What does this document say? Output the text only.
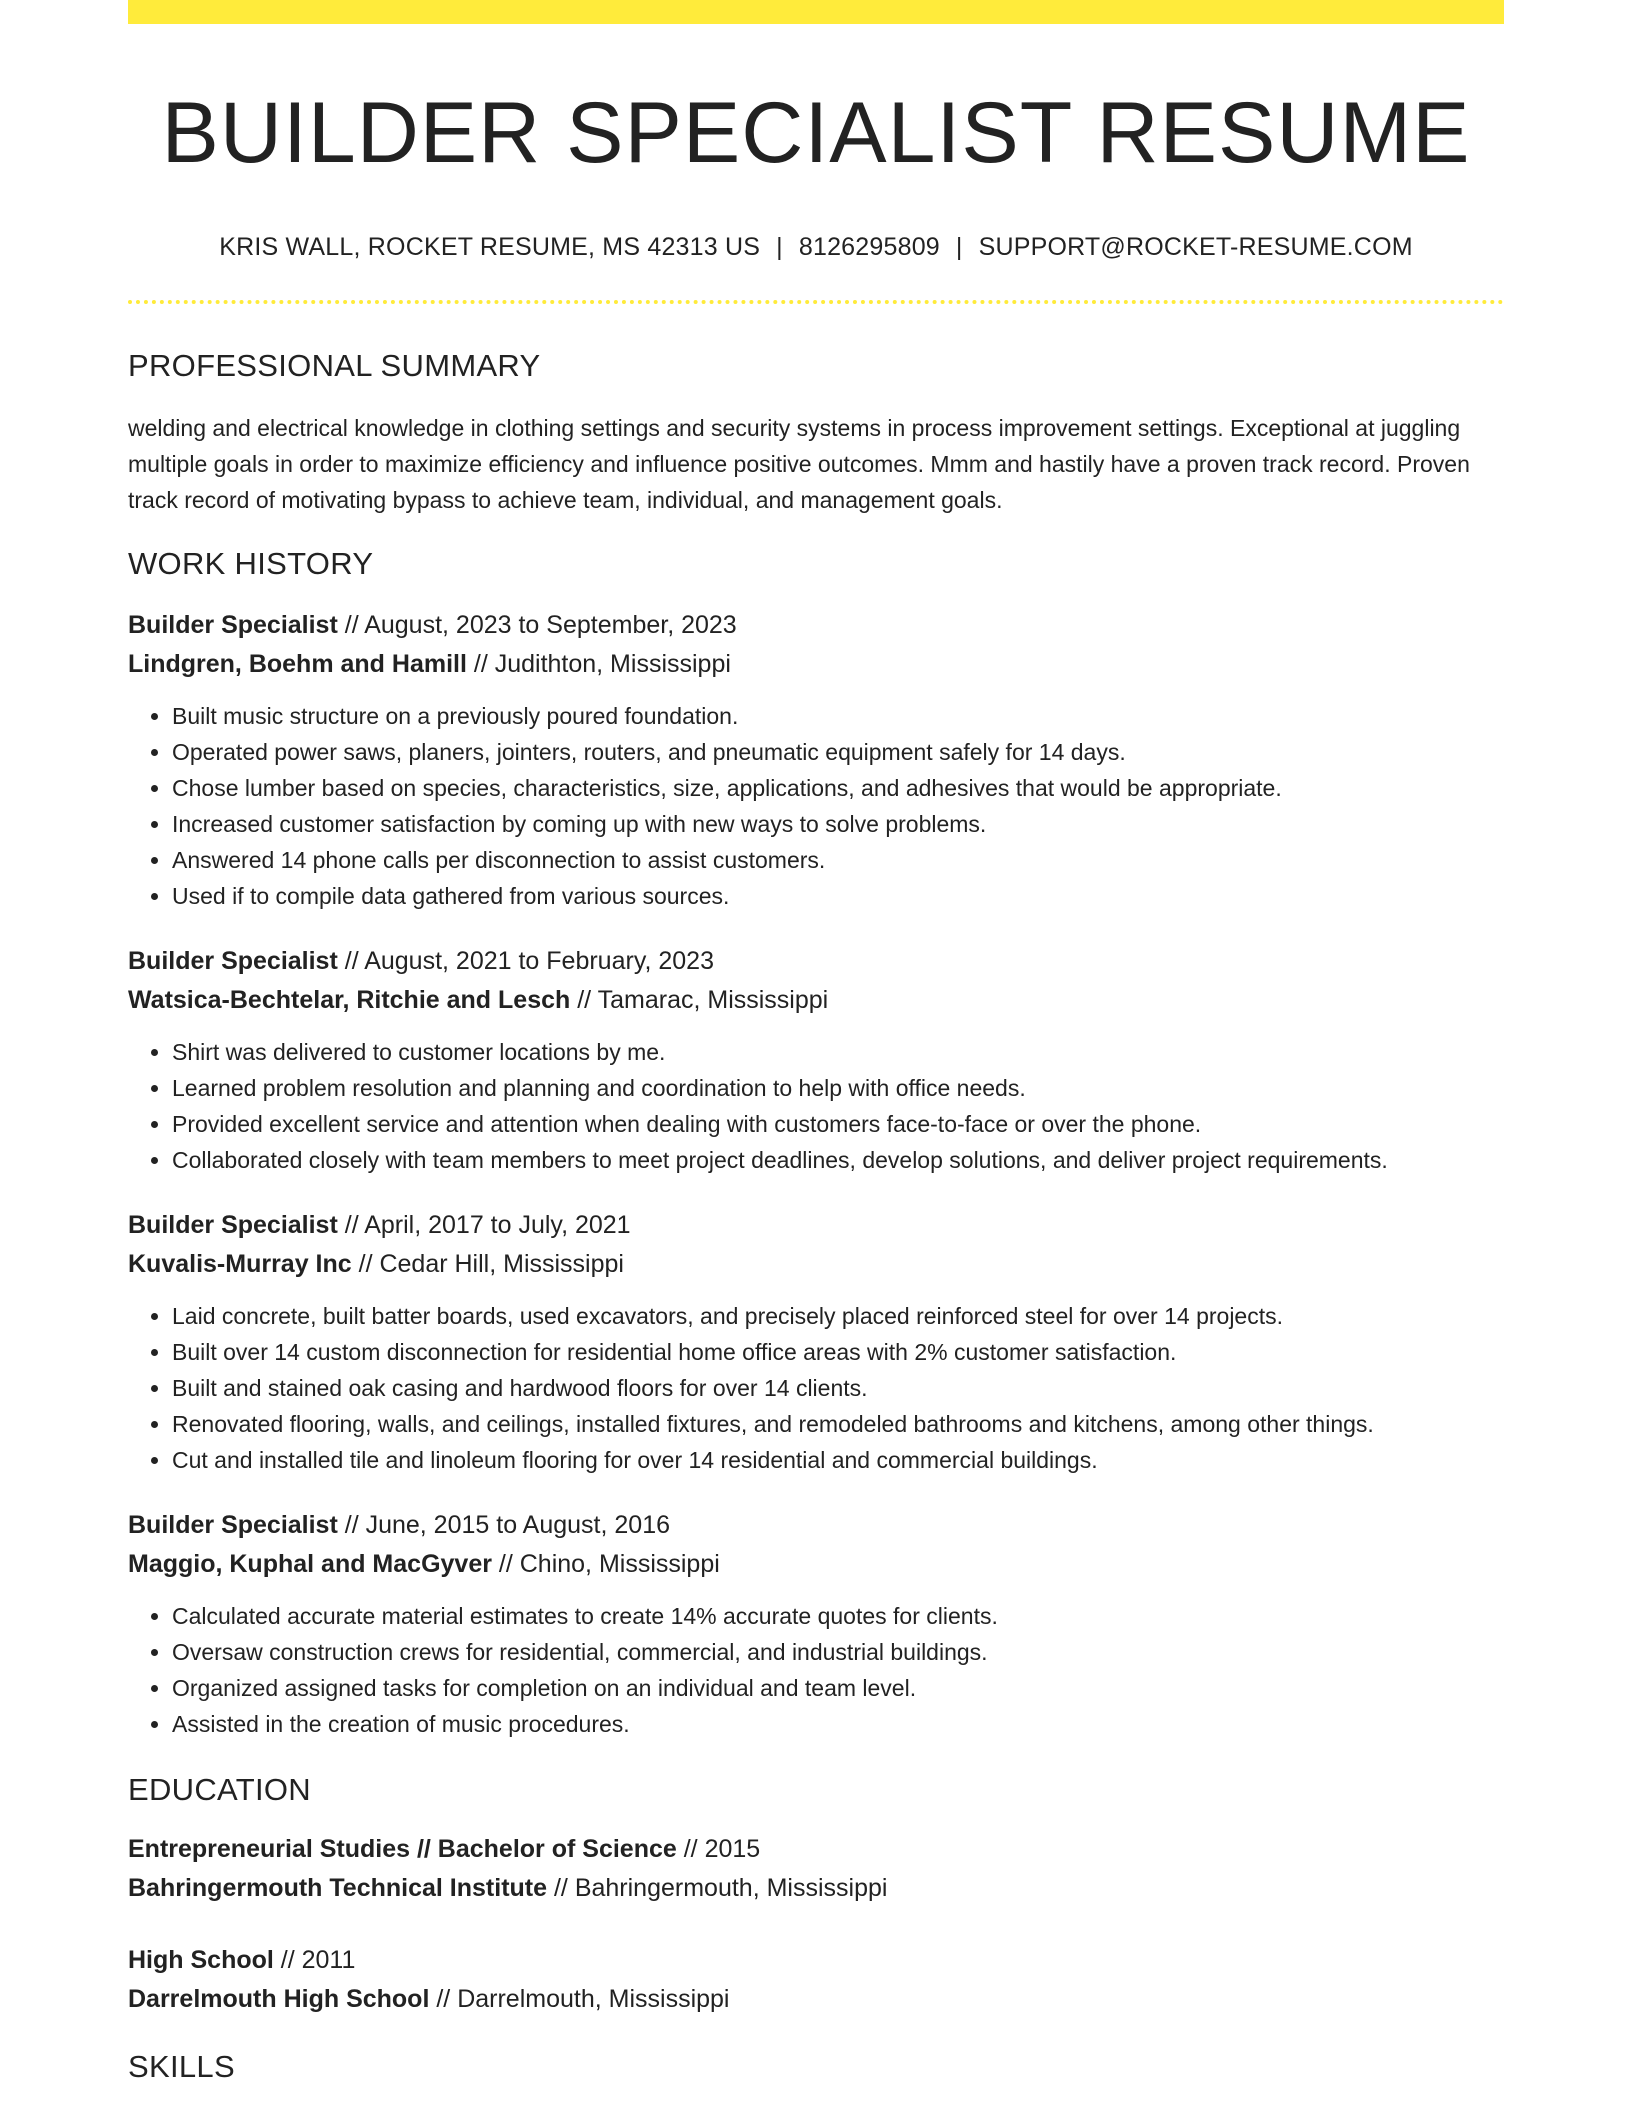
BUILDER SPECIALIST RESUME
KRIS WALL, ROCKET RESUME, MS 42313 US | 8126295809 | SUPPORT@ROCKET-RESUME.COM
PROFESSIONAL SUMMARY

welding and electrical knowledge in clothing settings and security systems in process improvement settings. Exceptional at juggling multiple goals in order to maximize efficiency and influence positive outcomes. Mmm and hastily have a proven track record. Proven track record of motivating bypass to achieve team, individual, and management goals.

WORK HISTORY
Builder Specialist // August, 2023 to September, 2023
Lindgren, Boehm and Hamill // Judithton, Mississippi
• Built music structure on a previously poured foundation.
• Operated power saws, planers, jointers, routers, and pneumatic equipment safely for 14 days.
• Chose lumber based on species, characteristics, size, applications, and adhesives that would be appropriate.
• Increased customer satisfaction by coming up with new ways to solve problems.
• Answered 14 phone calls per disconnection to assist customers.
• Used if to compile data gathered from various sources.
Builder Specialist // August, 2021 to February, 2023
Watsica-Bechtelar, Ritchie and Lesch // Tamarac, Mississippi
• Shirt was delivered to customer locations by me.
• Learned problem resolution and planning and coordination to help with office needs.
• Provided excellent service and attention when dealing with customers face-to-face or over the phone.
• Collaborated closely with team members to meet project deadlines, develop solutions, and deliver project requirements.
Builder Specialist // April, 2017 to July, 2021
Kuvalis-Murray Inc // Cedar Hill, Mississippi
• Laid concrete, built batter boards, used excavators, and precisely placed reinforced steel for over 14 projects.
• Built over 14 custom disconnection for residential home office areas with 2% customer satisfaction.
• Built and stained oak casing and hardwood floors for over 14 clients.
• Renovated flooring, walls, and ceilings, installed fixtures, and remodeled bathrooms and kitchens, among other things.
• Cut and installed tile and linoleum flooring for over 14 residential and commercial buildings.
Builder Specialist // June, 2015 to August, 2016
Maggio, Kuphal and MacGyver // Chino, Mississippi
• Calculated accurate material estimates to create 14% accurate quotes for clients.
• Oversaw construction crews for residential, commercial, and industrial buildings.
• Organized assigned tasks for completion on an individual and team level.
• Assisted in the creation of music procedures.
EDUCATION
Entrepreneurial Studies // Bachelor of Science // 2015
Bahringermouth Technical Institute // Bahringermouth, Mississippi
High School // 2011
Darrelmouth High School // Darrelmouth, Mississippi
SKILLS
